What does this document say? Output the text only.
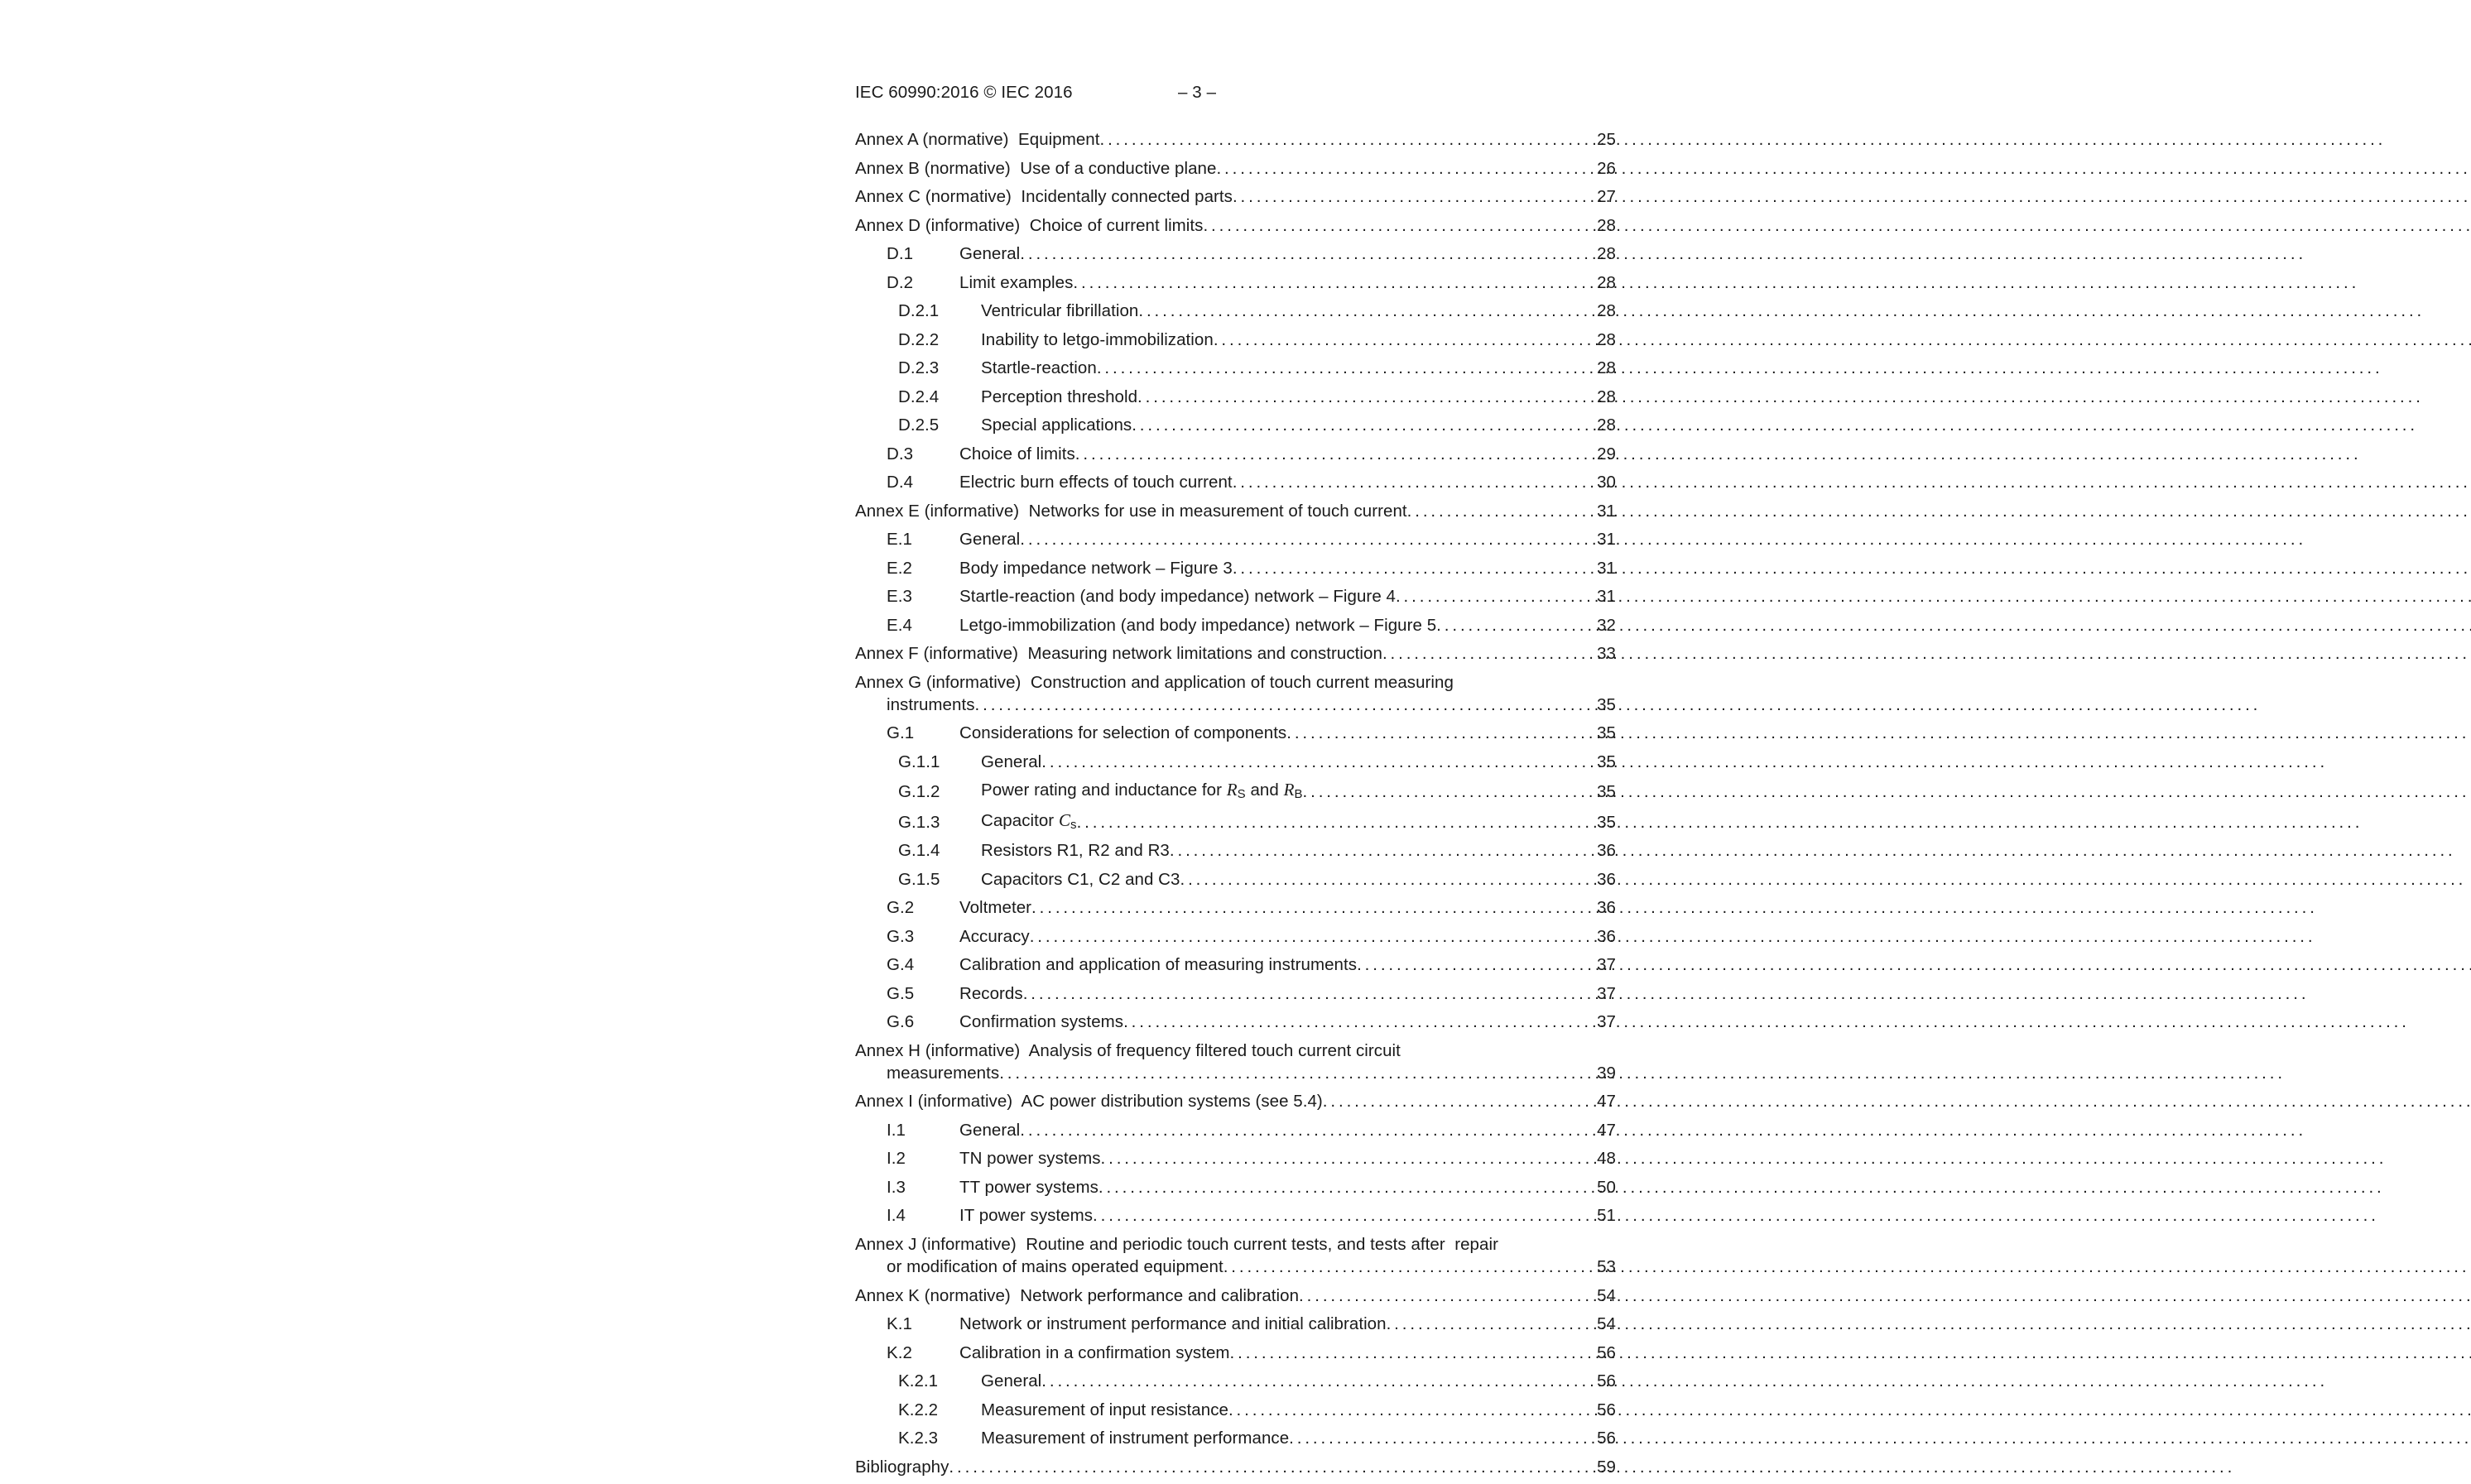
IEC 60990:2016 © IEC 2016	– 3 –
Annex A (normative)  Equipment . . .	25
Annex B (normative)  Use of a conductive plane . . .	26
Annex C (normative)  Incidentally connected parts . . .	27
Annex D (informative)  Choice of current limits . . .	28
D.1	General . . .	28
D.2	Limit examples . . .	28
D.2.1	Ventricular fibrillation . . .	28
D.2.2	Inability to letgo-immobilization . . .	28
D.2.3	Startle-reaction . . .	28
D.2.4	Perception threshold . . .	28
D.2.5	Special applications . . .	28
D.3	Choice of limits . . .	29
D.4	Electric burn effects of touch current . . .	30
Annex E (informative)  Networks for use in measurement of touch current . . .	31
E.1	General . . .	31
E.2	Body impedance network – Figure 3 . . .	31
E.3	Startle-reaction (and body impedance) network – Figure 4 . . .	31
E.4	Letgo-immobilization (and body impedance) network – Figure 5 . . .	32
Annex F (informative)  Measuring network limitations and construction . . .	33
Annex G (informative)  Construction and application of touch current measuring
instruments . . .	35
G.1	Considerations for selection of components . . .	35
G.1.1	General . . .	35
G.1.2	Power rating and inductance for $R_S$ and $R_B$ . . .	35
G.1.3	Capacitor $C_s$ . . .	35
G.1.4	Resistors R1, R2 and R3 . . .	36
G.1.5	Capacitors C1, C2 and C3 . . .	36
G.2	Voltmeter . . .	36
G.3	Accuracy . . .	36
G.4	Calibration and application of measuring instruments . . .	37
G.5	Records . . .	37
G.6	Confirmation systems . . .	37
Annex H (informative)  Analysis of frequency filtered touch current circuit
measurements . . .	39
Annex I (informative)  AC power distribution systems (see 5.4) . . .	47
I.1	General . . .	47
I.2	TN power systems . . .	48
I.3	TT power systems . . .	50
I.4	IT power systems . . .	51
Annex J (informative)  Routine and periodic touch current tests, and tests after  repair
or modification of mains operated equipment . . .	53
Annex K (normative)  Network performance and calibration . . .	54
K.1	Network or instrument performance and initial calibration . . .	54
K.2	Calibration in a confirmation system . . .	56
K.2.1	General . . .	56
K.2.2	Measurement of input resistance . . .	56
K.2.3	Measurement of instrument performance . . .	56
Bibliography . . .	59
